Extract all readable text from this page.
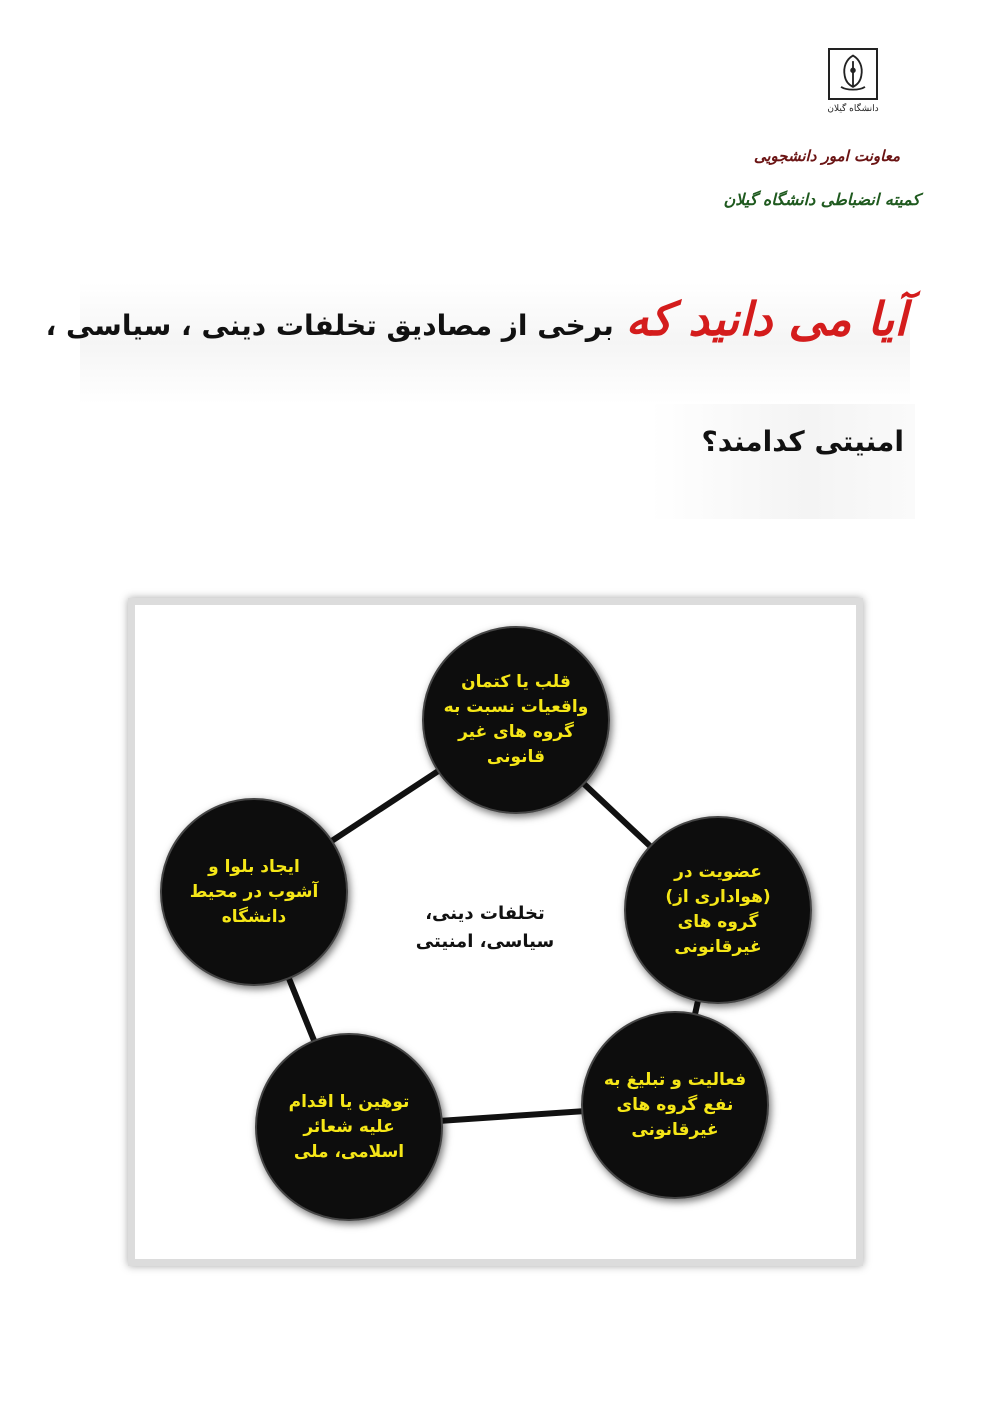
دانشگاه گیلان
معاونت امور دانشجویی
کمیته انضباطی دانشگاه گیلان
آیا می دانید که
برخی از مصادیق تخلفات دینی ، سیاسی ،
امنیتی کدامند؟
تخلفات دینی،
سیاسی، امنیتی
قلب یا کتمان
واقعیات نسبت به
گروه های غیر
قانونی
عضویت در
(هواداری از)
گروه های
غیرقانونی
فعالیت و تبلیغ به
نفع گروه های
غیرقانونی
توهین یا اقدام
علیه شعائر
اسلامی، ملی
ایجاد بلوا و
آشوب در محیط
دانشگاه
